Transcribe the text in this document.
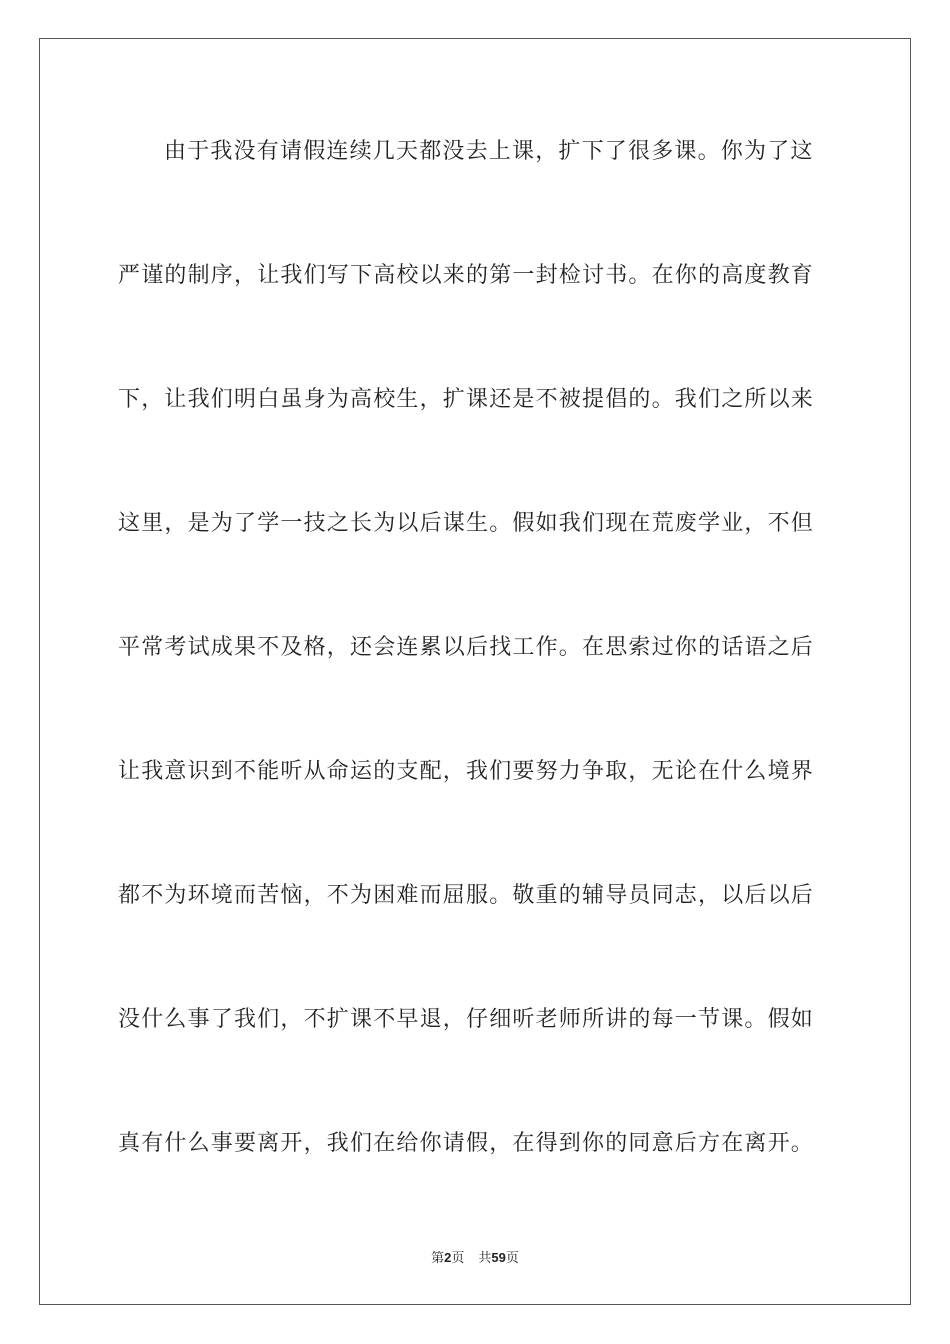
由于我没有请假连续几天都没去上课，扩下了很多课。你为了这
严谨的制序，让我们写下高校以来的第一封检讨书。在你的高度教育
下，让我们明白虽身为高校生，扩课还是不被提倡的。我们之所以来
这里，是为了学一技之长为以后谋生。假如我们现在荒废学业，不但
平常考试成果不及格，还会连累以后找工作。在思索过你的话语之后
让我意识到不能听从命运的支配，我们要努力争取，无论在什么境界
都不为环境而苦恼，不为困难而屈服。敬重的辅导员同志，以后以后
没什么事了我们，不扩课不早退，仔细听老师所讲的每一节课。假如
真有什么事要离开，我们在给你请假，在得到你的同意后方在离开。
第2页 共59页
